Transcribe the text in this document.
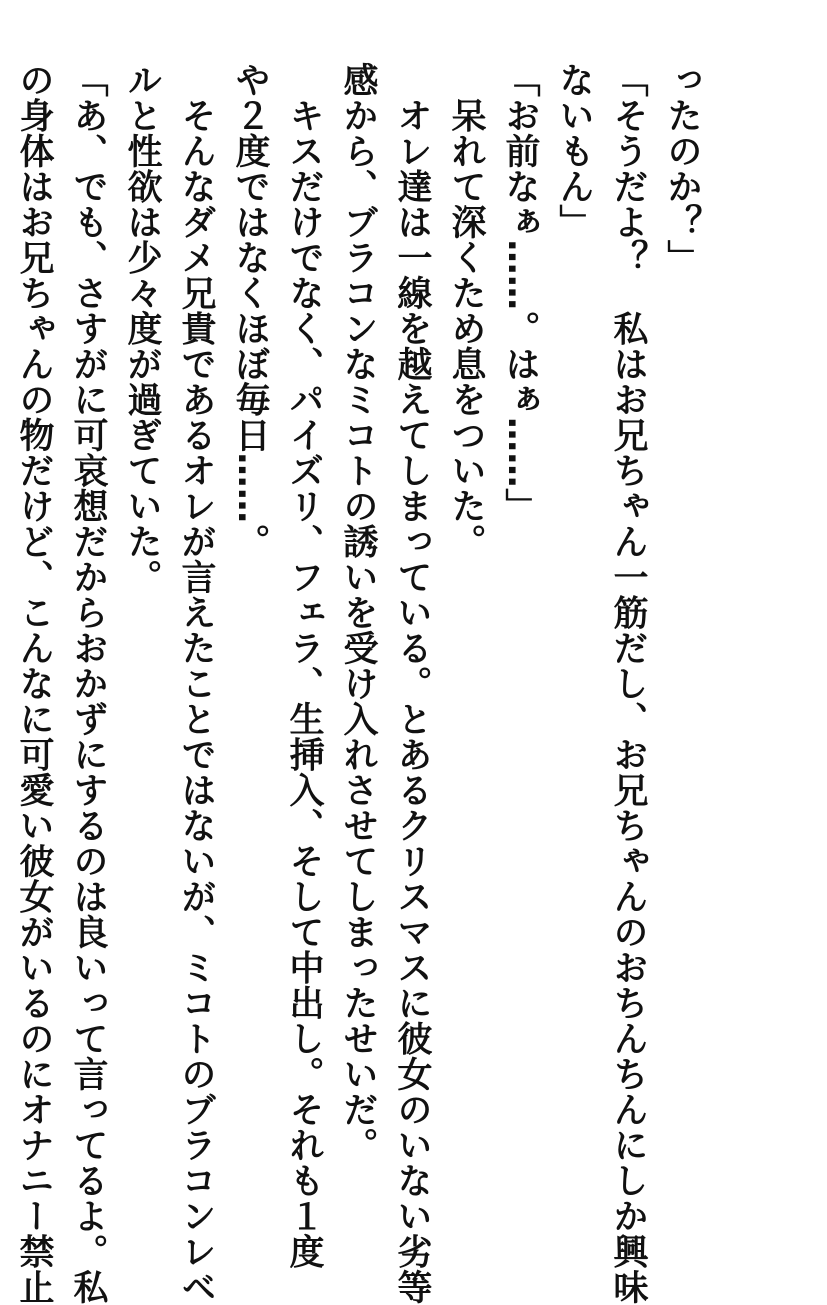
ったのか？」
「そうだよ？　私はお兄ちゃん一筋だし、お兄ちゃんのおちんちんにしか興味
ないもん」
「お前なぁ……。はぁ……」
　呆れて深くため息をついた。
　オレ達は一線を越えてしまっている。とあるクリスマスに彼女のいない劣等
感から、ブラコンなミコトの誘いを受け入れさせてしまったせいだ。
　キスだけでなく、パイズリ、フェラ、生挿入、そして中出し。それも１度
や２度ではなくほぼ毎日……。
　そんなダメ兄貴であるオレが言えたことではないが、ミコトのブラコンレベ
ルと性欲は少々度が過ぎていた。
「あ、でも、さすがに可哀想だからおかずにするのは良いって言ってるよ。私
の身体はお兄ちゃんの物だけど、こんなに可愛い彼女がいるのにオナニー禁止
